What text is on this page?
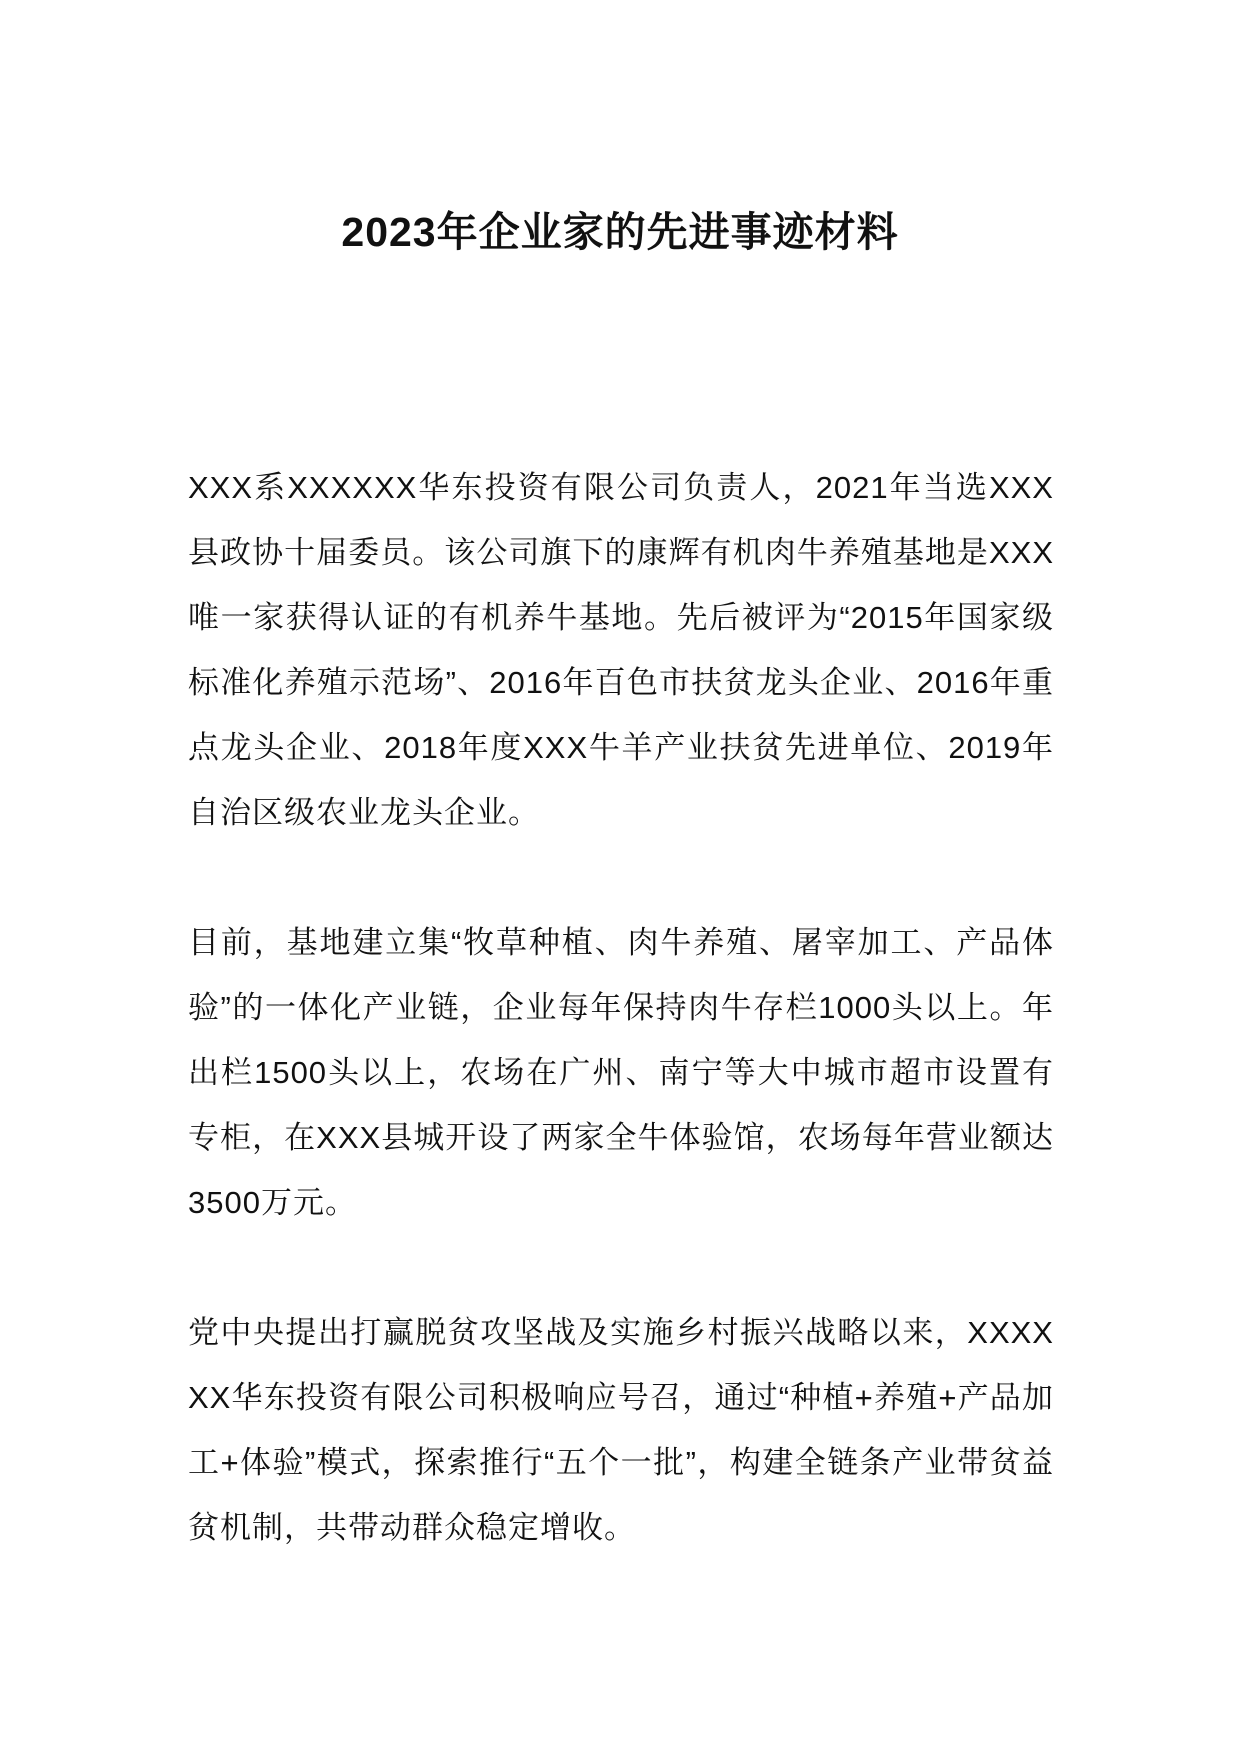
2023年企业家的先进事迹材料

XXX系XXXXXX华东投资有限公司负责人，2021年当选XXX县政协十届委员。该公司旗下的康辉有机肉牛养殖基地是XXX唯一家获得认证的有机养牛基地。先后被评为“2015年国家级标准化养殖示范场”、2016年百色市扶贫龙头企业、2016年重点龙头企业、2018年度XXX牛羊产业扶贫先进单位、2019年自治区级农业龙头企业。

目前，基地建立集“牧草种植、肉牛养殖、屠宰加工、产品体验”的一体化产业链，企业每年保持肉牛存栏1000头以上。年出栏1500头以上，农场在广州、南宁等大中城市超市设置有专柜，在XXX县城开设了两家全牛体验馆，农场每年营业额达3500万元。

党中央提出打赢脱贫攻坚战及实施乡村振兴战略以来，XXXXXX华东投资有限公司积极响应号召，通过“种植+养殖+产品加工+体验”模式，探索推行“五个一批”，构建全链条产业带贫益贫机制，共带动群众稳定增收。
